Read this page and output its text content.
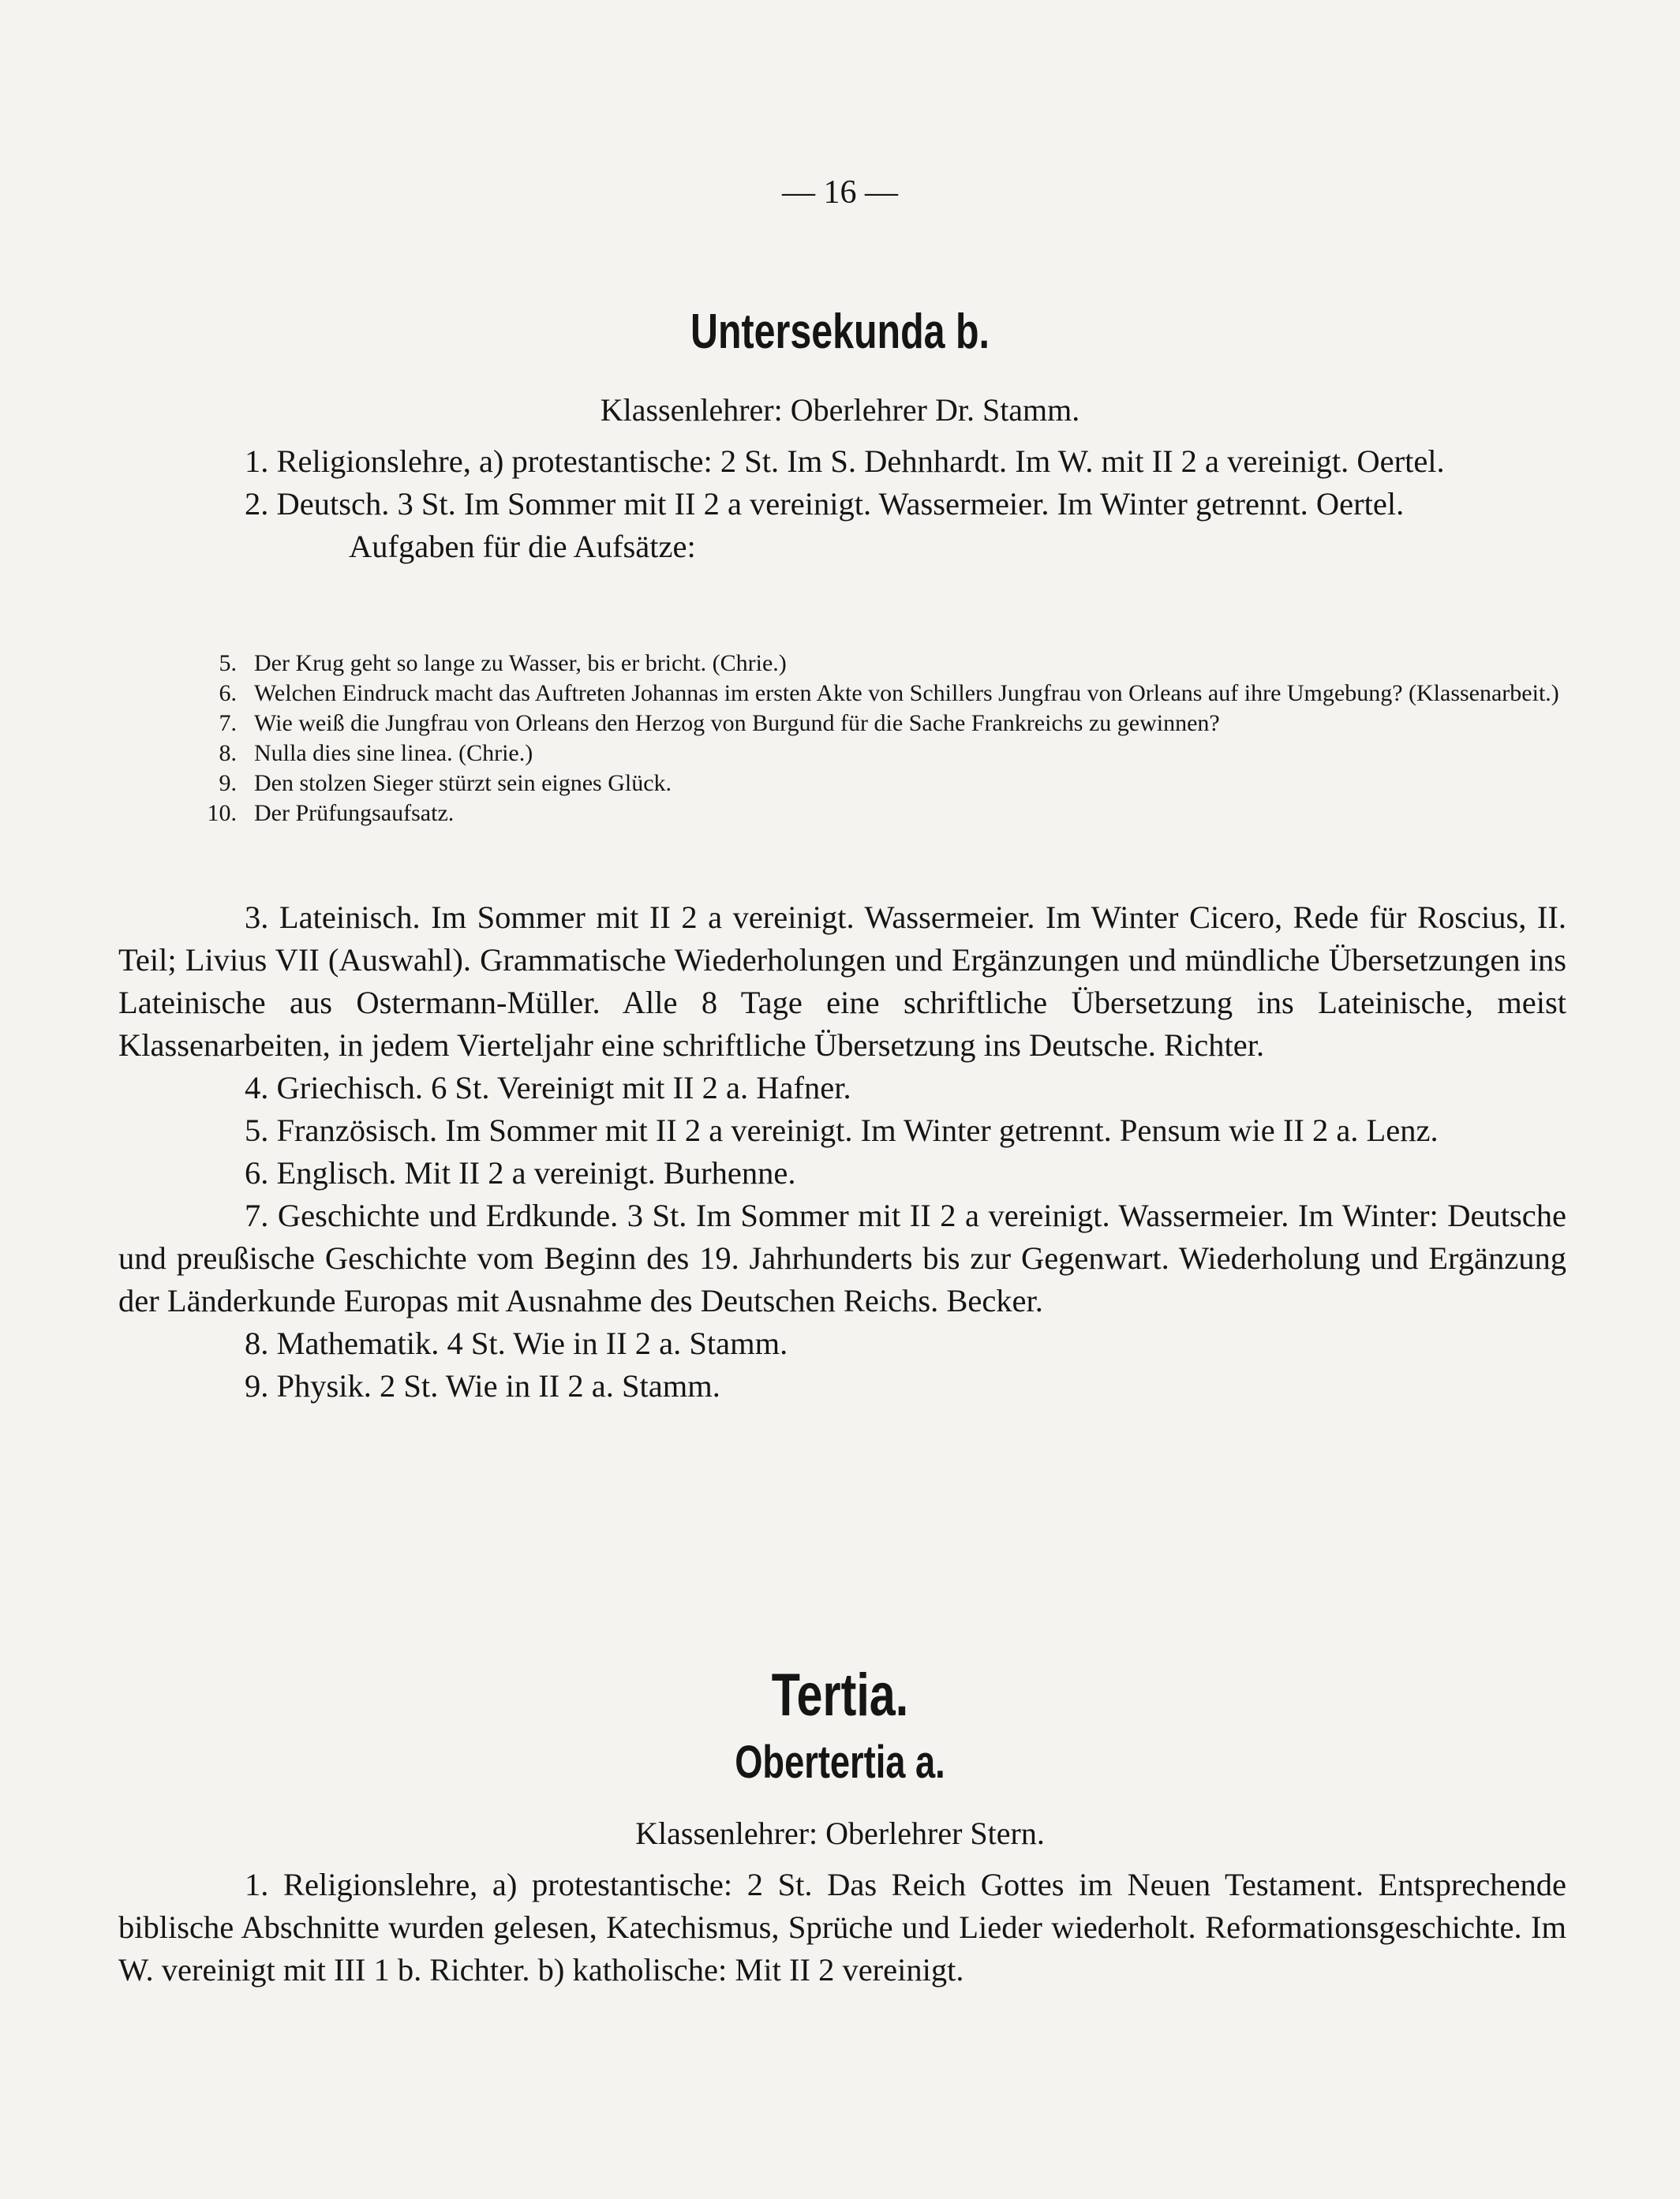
— 16 —
Untersekunda b.
Klassenlehrer: Oberlehrer Dr. Stamm.

1. Religionslehre, a) protestantische: 2 St. Im S. Dehnhardt. Im W. mit II 2 a vereinigt. Oertel.

2. Deutsch. 3 St. Im Sommer mit II 2 a vereinigt. Wassermeier. Im Winter getrennt. Oertel.

Aufgaben für die Aufsätze:

5. Der Krug geht so lange zu Wasser, bis er bricht. (Chrie.)
6. Welchen Eindruck macht das Auftreten Johannas im ersten Akte von Schillers Jungfrau von Orleans auf ihre Umgebung? (Klassenarbeit.)
7. Wie weiß die Jungfrau von Orleans den Herzog von Burgund für die Sache Frankreichs zu gewinnen?
8. Nulla dies sine linea. (Chrie.)
9. Den stolzen Sieger stürzt sein eignes Glück.
10. Der Prüfungsaufsatz.

3. Lateinisch. Im Sommer mit II 2 a vereinigt. Wassermeier. Im Winter Cicero, Rede für Roscius, II. Teil; Livius VII (Auswahl). Grammatische Wiederholungen und Ergänzungen und mündliche Übersetzungen ins Lateinische aus Ostermann-Müller. Alle 8 Tage eine schriftliche Übersetzung ins Lateinische, meist Klassenarbeiten, in jedem Vierteljahr eine schriftliche Übersetzung ins Deutsche. Richter.

4. Griechisch. 6 St. Vereinigt mit II 2 a. Hafner.

5. Französisch. Im Sommer mit II 2 a vereinigt. Im Winter getrennt. Pensum wie II 2 a. Lenz.

6. Englisch. Mit II 2 a vereinigt. Burhenne.

7. Geschichte und Erdkunde. 3 St. Im Sommer mit II 2 a vereinigt. Wassermeier. Im Winter: Deutsche und preußische Geschichte vom Beginn des 19. Jahrhunderts bis zur Gegenwart. Wiederholung und Ergänzung der Länderkunde Europas mit Ausnahme des Deutschen Reichs. Becker.

8. Mathematik. 4 St. Wie in II 2 a. Stamm.

9. Physik. 2 St. Wie in II 2 a. Stamm.

Tertia.
Obertertia a.
Klassenlehrer: Oberlehrer Stern.

1. Religionslehre, a) protestantische: 2 St. Das Reich Gottes im Neuen Testament. Entsprechende biblische Abschnitte wurden gelesen, Katechismus, Sprüche und Lieder wiederholt. Reformationsgeschichte. Im W. vereinigt mit III 1 b. Richter. b) katholische: Mit II 2 vereinigt.
